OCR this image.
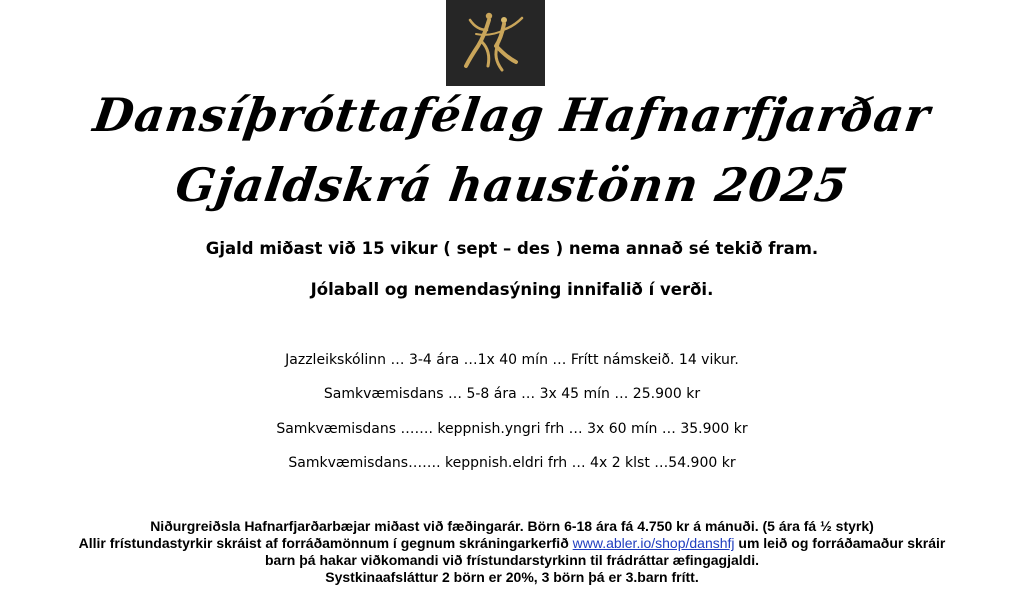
Dansíþróttafélag Hafnarfjarðar
Gjaldskrá haustönn 2025
Gjald miðast við 15 vikur ( sept – des ) nema annað sé tekið fram.
Jólaball og nemendasýning innifalið í verði.
Jazzleikskólinn … 3-4 ára …1x 40 mín … Frítt námskeið. 14 vikur.
Samkvæmisdans … 5-8 ára … 3x 45 mín … 25.900 kr
Samkvæmisdans ……. keppnish.yngri frh … 3x 60 mín … 35.900 kr
Samkvæmisdans……. keppnish.eldri frh … 4x 2 klst …54.900 kr
Niðurgreiðsla Hafnarfjarðarbæjar miðast við fæðingarár. Börn 6-18 ára fá 4.750 kr á mánuði. (5 ára fá ½ styrk)
Allir frístundastyrkir skráist af forráðamönnum í gegnum skráningarkerfið www.abler.io/shop/danshfj um leið og forráðamaður skráir
barn þá hakar viðkomandi við frístundarstyrkinn til frádráttar æfingagjaldi.
Systkinaafsláttur 2 börn er 20%, 3 börn þá er 3.barn frítt.
